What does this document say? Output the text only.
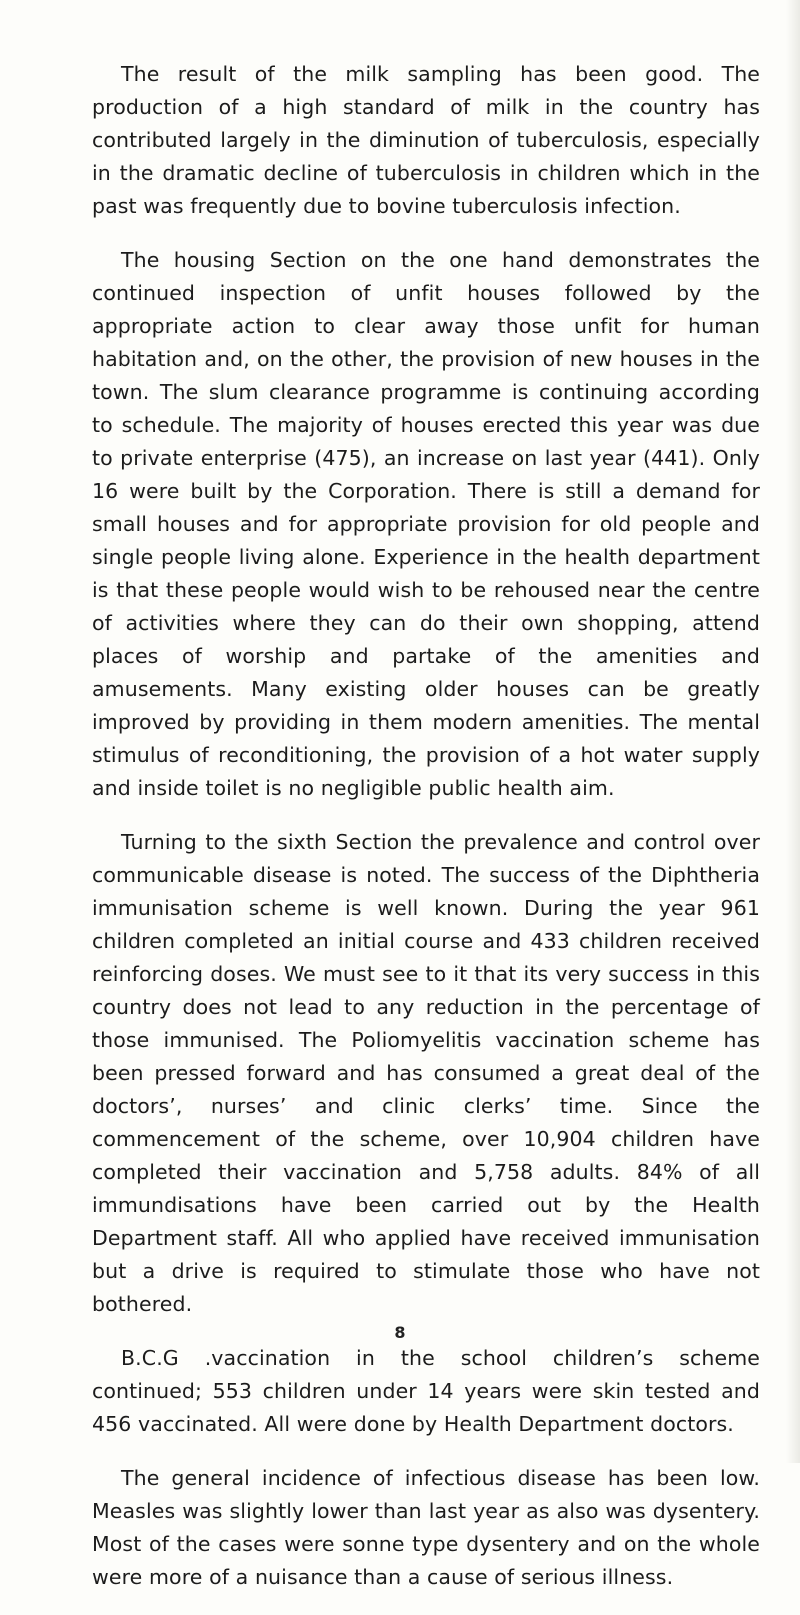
The result of the milk sampling has been good. The production of a high standard of milk in the country has contributed largely in the diminution of tuberculosis, especially in the dramatic decline of tuberculosis in children which in the past was frequently due to bovine tuberculosis infection.

The housing Section on the one hand demonstrates the continued inspection of unfit houses followed by the appropriate action to clear away those unfit for human habitation and, on the other, the provision of new houses in the town. The slum clearance programme is continuing according to schedule. The majority of houses erected this year was due to private enterprise (475), an increase on last year (441). Only 16 were built by the Corporation. There is still a demand for small houses and for appropriate provision for old people and single people living alone. Experience in the health department is that these people would wish to be rehoused near the centre of activities where they can do their own shopping, attend places of worship and partake of the amenities and amusements. Many existing older houses can be greatly improved by providing in them modern amenities. The mental stimulus of reconditioning, the provision of a hot water supply and inside toilet is no negligible public health aim.

Turning to the sixth Section the prevalence and control over communicable disease is noted. The success of the Diphtheria immunisation scheme is well known. During the year 961 children completed an initial course and 433 children received reinforcing doses. We must see to it that its very success in this country does not lead to any reduction in the percentage of those immunised. The Poliomyelitis vaccination scheme has been pressed forward and has consumed a great deal of the doctors’, nurses’ and clinic clerks’ time. Since the commencement of the scheme, over 10,904 children have completed their vaccination and 5,758 adults. 84% of all immundisations have been carried out by the Health Department staff. All who applied have received immunisation but a drive is required to stimulate those who have not bothered.

B.C.G .vaccination in the school children’s scheme continued; 553 children under 14 years were skin tested and 456 vaccinated. All were done by Health Department doctors.

The general incidence of infectious disease has been low. Measles was slightly lower than last year as also was dysentery. Most of the cases were sonne type dysentery and on the whole were more of a nuisance than a cause of serious illness.

8
